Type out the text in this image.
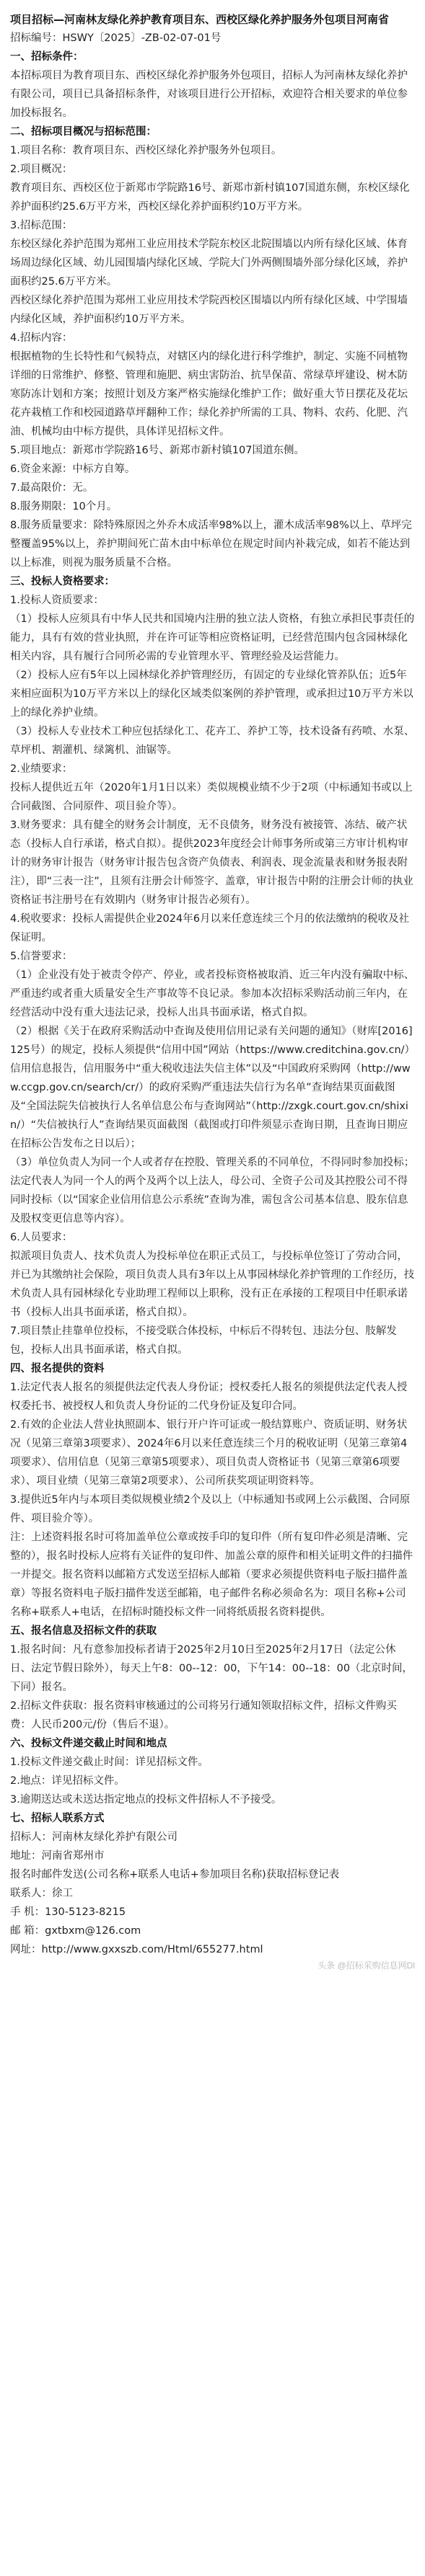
项目招标—河南林友绿化养护教育项目东、西校区绿化养护服务外包项目河南省

招标编号：HSWY〔2025〕-ZB-02-07-01号

一、招标条件：

本招标项目为教育项目东、西校区绿化养护服务外包项目，招标人为河南林友绿化养护有限公司，项目已具备招标条件，对该项目进行公开招标，欢迎符合相关要求的单位参加投标报名。

二、招标项目概况与招标范围：

1.项目名称：教育项目东、西校区绿化养护服务外包项目。

2.项目概况：

教育项目东、西校区位于新郑市学院路16号、新郑市新村镇107国道东侧，东校区绿化养护面积约25.6万平方米，西校区绿化养护面积约10万平方米。

3.招标范围：

东校区绿化养护范围为郑州工业应用技术学院东校区北院围墙以内所有绿化区域、体育场周边绿化区域、幼儿园围墙内绿化区域、学院大门外两侧围墙外部分绿化区域，养护面积约25.6万平方米。

西校区绿化养护范围为郑州工业应用技术学院西校区围墙以内所有绿化区域、中学围墙内绿化区域，养护面积约10万平方米。

4.招标内容：

根据植物的生长特性和气候特点，对辖区内的绿化进行科学维护，制定、实施不同植物详细的日常维护、修整、管理和施肥、病虫害防治、抗旱保苗、常绿草坪建设、树木防寒防冻计划和方案；按照计划及方案严格实施绿化维护工作；做好重大节日摆花及花坛花卉栽植工作和校园道路草坪翻种工作；绿化养护所需的工具、物料、农药、化肥、汽油、机械均由中标方提供，具体详见招标文件。

5.项目地点：新郑市学院路16号、新郑市新村镇107国道东侧。

6.资金来源：中标方自筹。

7.最高限价：无。

8.服务期限：10个月。

8.服务质量要求：除特殊原因之外乔木成活率98%以上，灌木成活率98%以上、草坪完整覆盖95%以上，养护期间死亡苗木由中标单位在规定时间内补栽完成，如若不能达到以上标准，则视为服务质量不合格。

三、投标人资格要求：

1.投标人资质要求：

（1）投标人应须具有中华人民共和国境内注册的独立法人资格，有独立承担民事责任的能力，具有有效的营业执照，并在许可证等相应资格证明，已经营范围内包含园林绿化相关内容，具有履行合同所必需的专业管理水平、管理经验及运营能力。

（2）投标人应有5年以上园林绿化养护管理经历，有固定的专业绿化管养队伍；近5年来相应面积为10万平方米以上的绿化区域类似案例的养护管理，或承担过10万平方米以上的绿化养护业绩。

（3）投标人专业技术工种应包括绿化工、花卉工、养护工等，技术设备有药喷、水泵、草坪机、割灌机、绿篱机、油锯等。

2.业绩要求：

投标人提供近五年（2020年1月1日以来）类似规模业绩不少于2项（中标通知书或以上合同截图、合同原件、项目验介等）。

3.财务要求：具有健全的财务会计制度，无不良债务，财务没有被接管、冻结、破产状态（投标人自行承诺，格式自拟）。提供2023年度经会计师事务所或第三方审计机构审计的财务审计报告（财务审计报告包含资产负债表、利润表、现金流量表和财务报表附注），即“三表一注”，且须有注册会计师签字、盖章，审计报告中附的注册会计师的执业资格证书注册号在有效期内（财务审计报告必须有）。

4.税收要求：投标人需提供企业2024年6月以来任意连续三个月的依法缴纳的税收及社保证明。

5.信誉要求：

（1）企业没有处于被责令停产、停业，或者投标资格被取消、近三年内没有骗取中标、严重违约或者重大质量安全生产事故等不良记录。参加本次招标采购活动前三年内，在经营活动中没有重大违法记录，投标人出具书面承诺，格式自拟。

（2）根据《关于在政府采购活动中查询及使用信用记录有关问题的通知》（财库[2016]125号）的规定，投标人须提供“信用中国”网站（https://www.creditchina.gov.cn/）信用信息报告，信用服务中“重大税收违法失信主体”以及“中国政府采购网（http://www.ccgp.gov.cn/search/cr/）的政府采购严重违法失信行为名单”查询结果页面截图及“全国法院失信被执行人名单信息公布与查询网站”（http://zxgk.court.gov.cn/shixin/）“失信被执行人”查询结果页面截图（截图或打印件须显示查询日期，且查询日期应在招标公告发布之日以后）；

（3）单位负责人为同一个人或者存在控股、管理关系的不同单位，不得同时参加投标；法定代表人为同一个人的两个及两个以上法人，母公司、全资子公司及其控股公司不得同时投标（以“国家企业信用信息公示系统”查询为准，需包含公司基本信息、股东信息及股权变更信息等内容）。

6.人员要求：

拟派项目负责人、技术负责人为投标单位在职正式员工，与投标单位签订了劳动合同，并已为其缴纳社会保险，项目负责人具有3年以上从事园林绿化养护管理的工作经历，技术负责人具有园林绿化专业助理工程师以上职称，没有正在承接的工程项目中任职承诺书（投标人出具书面承诺，格式自拟）。

7.项目禁止挂靠单位投标，不接受联合体投标，中标后不得转包、违法分包、肢解发包，投标人出具书面承诺，格式自拟。

四、报名提供的资料

1.法定代表人报名的须提供法定代表人身份证；授权委托人报名的须提供法定代表人授权委托书、被授权人和负责人身份证的二代身份证及复印合同。

2.有效的企业法人营业执照副本、银行开户许可证或一般结算账户、资质证明、财务状况（见第三章第3项要求）、2024年6月以来任意连续三个月的税收证明（见第三章第4项要求）、信用信息（见第三章第5项要求）、项目负责人资格证书（见第三章第6项要求）、项目业绩（见第三章第2项要求）、公司所获奖项证明资料等。

3.提供近5年内与本项目类似规模业绩2个及以上（中标通知书或网上公示截图、合同原件、项目验介等）。

注：上述资料报名时可将加盖单位公章或按手印的复印件（所有复印件必须是清晰、完整的），报名时投标人应将有关证件的复印件、加盖公章的原件和相关证明文件的扫描件一并提交。报名资料以邮箱方式发送至招标人邮箱（要求必须提供资料电子版扫描件盖章）等报名资料电子版扫描件发送至邮箱，电子邮件名称必须命名为：项目名称+公司名称+联系人+电话，在招标时随投标文件一同将纸质报名资料提供。

五、报名信息及招标文件的获取

1.报名时间：凡有意参加投标者请于2025年2月10日至2025年2月17日（法定公休日、法定节假日除外），每天上午8：00--12：00，下午14：00--18：00（北京时间，下同）报名。

2.招标文件获取：报名资料审核通过的公司将另行通知领取招标文件，招标文件购买费：人民币200元/份（售后不退）。

六、投标文件递交截止时间和地点

1.投标文件递交截止时间：详见招标文件。

2.地点：详见招标文件。

3.逾期送达或未送达指定地点的投标文件招标人不予接受。

七、招标人联系方式

招标人：河南林友绿化养护有限公司

地址：河南省郑州市

报名时邮件发送(公司名称+联系人电话+参加项目名称)获取招标登记表

联系人：徐工

手 机：130-5123-8215

邮 箱：gxtbxm@126.com

网址：http://www.gxxszb.com/Html/655277.html

头条 @招标采购信息网Dl
